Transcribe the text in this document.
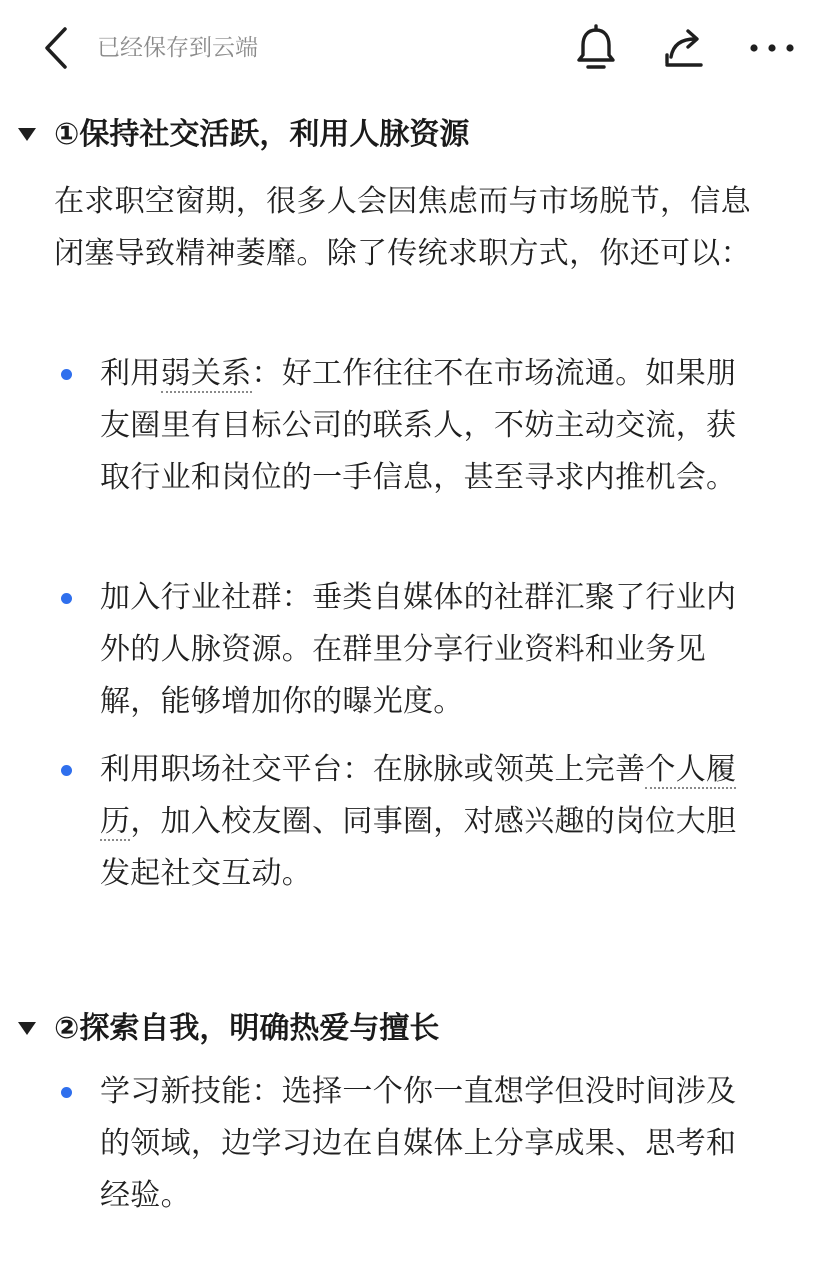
已经保存到云端
①保持社交活跃，利用人脉资源

在求职空窗期，很多人会因焦虑而与市场脱节，信息闭塞导致精神萎靡。除了传统求职方式，你还可以：

利用弱关系：好工作往往不在市场流通。如果朋友圈里有目标公司的联系人，不妨主动交流，获取行业和岗位的一手信息，甚至寻求内推机会。

加入行业社群：垂类自媒体的社群汇聚了行业内外的人脉资源。在群里分享行业资料和业务见解，能够增加你的曝光度。

利用职场社交平台：在脉脉或领英上完善个人履历，加入校友圈、同事圈，对感兴趣的岗位大胆发起社交互动。

②探索自我，明确热爱与擅长

学习新技能：选择一个你一直想学但没时间涉及的领域，边学习边在自媒体上分享成果、思考和经验。
